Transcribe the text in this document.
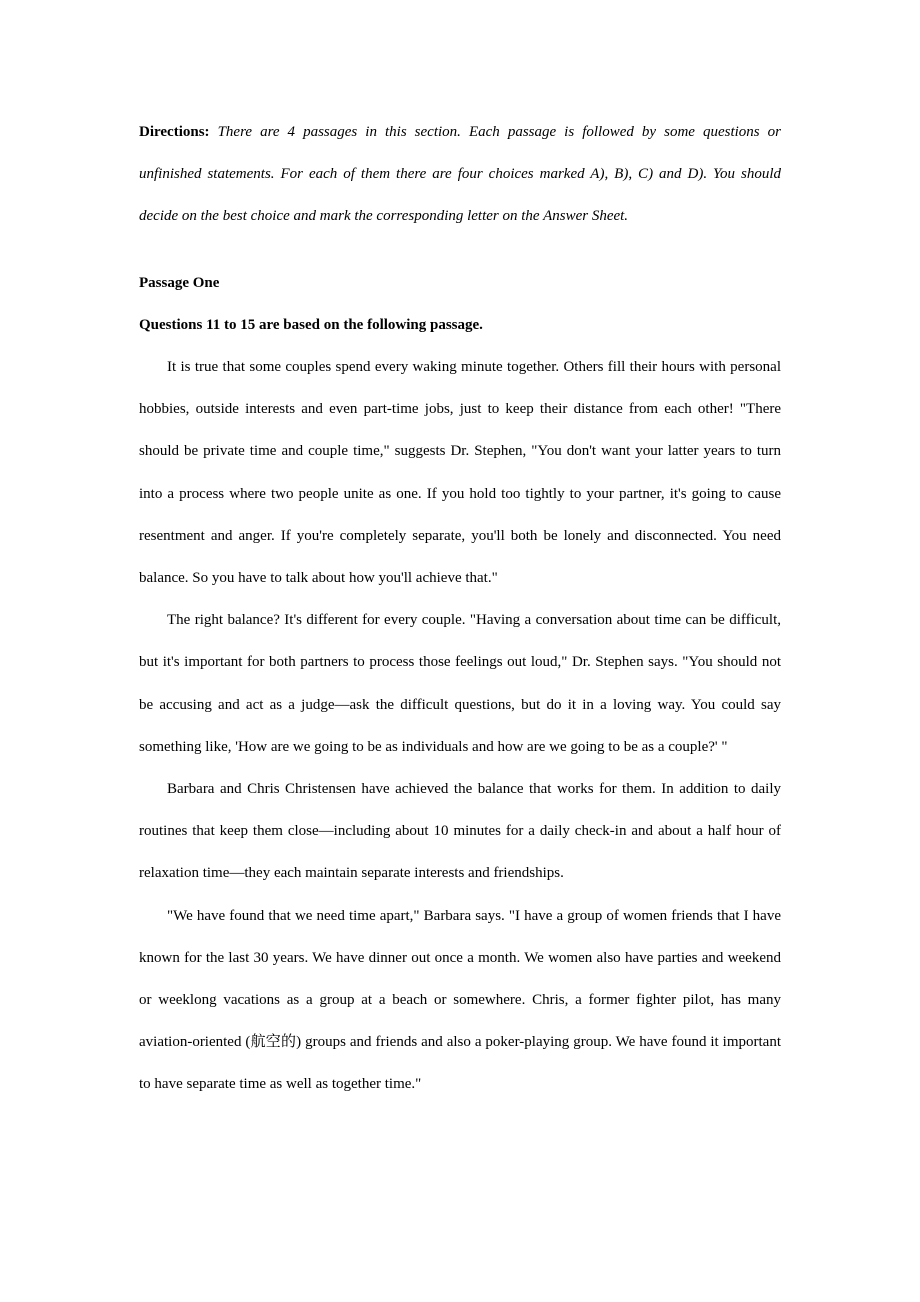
Directions: There are 4 passages in this section. Each passage is followed by some questions or unfinished statements. For each of them there are four choices marked A), B), C) and D). You should decide on the best choice and mark the corresponding letter on the Answer Sheet.

Passage One

Questions 11 to 15 are based on the following passage.

It is true that some couples spend every waking minute together. Others fill their hours with personal hobbies, outside interests and even part-time jobs, just to keep their distance from each other! "There should be private time and couple time," suggests Dr. Stephen, "You don't want your latter years to turn into a process where two people unite as one. If you hold too tightly to your partner, it's going to cause resentment and anger. If you're completely separate, you'll both be lonely and disconnected. You need balance. So you have to talk about how you'll achieve that."

The right balance? It's different for every couple. "Having a conversation about time can be difficult, but it's important for both partners to process those feelings out loud," Dr. Stephen says. "You should not be accusing and act as a judge—ask the difficult questions, but do it in a loving way. You could say something like, 'How are we going to be as individuals and how are we going to be as a couple?' "

Barbara and Chris Christensen have achieved the balance that works for them. In addition to daily routines that keep them close—including about 10 minutes for a daily check-in and about a half hour of relaxation time—they each maintain separate interests and friendships.

"We have found that we need time apart," Barbara says. "I have a group of women friends that I have known for the last 30 years. We have dinner out once a month. We women also have parties and weekend or weeklong vacations as a group at a beach or somewhere. Chris, a former fighter pilot, has many aviation-oriented (航空的) groups and friends and also a poker-playing group. We have found it important to have separate time as well as together time."
